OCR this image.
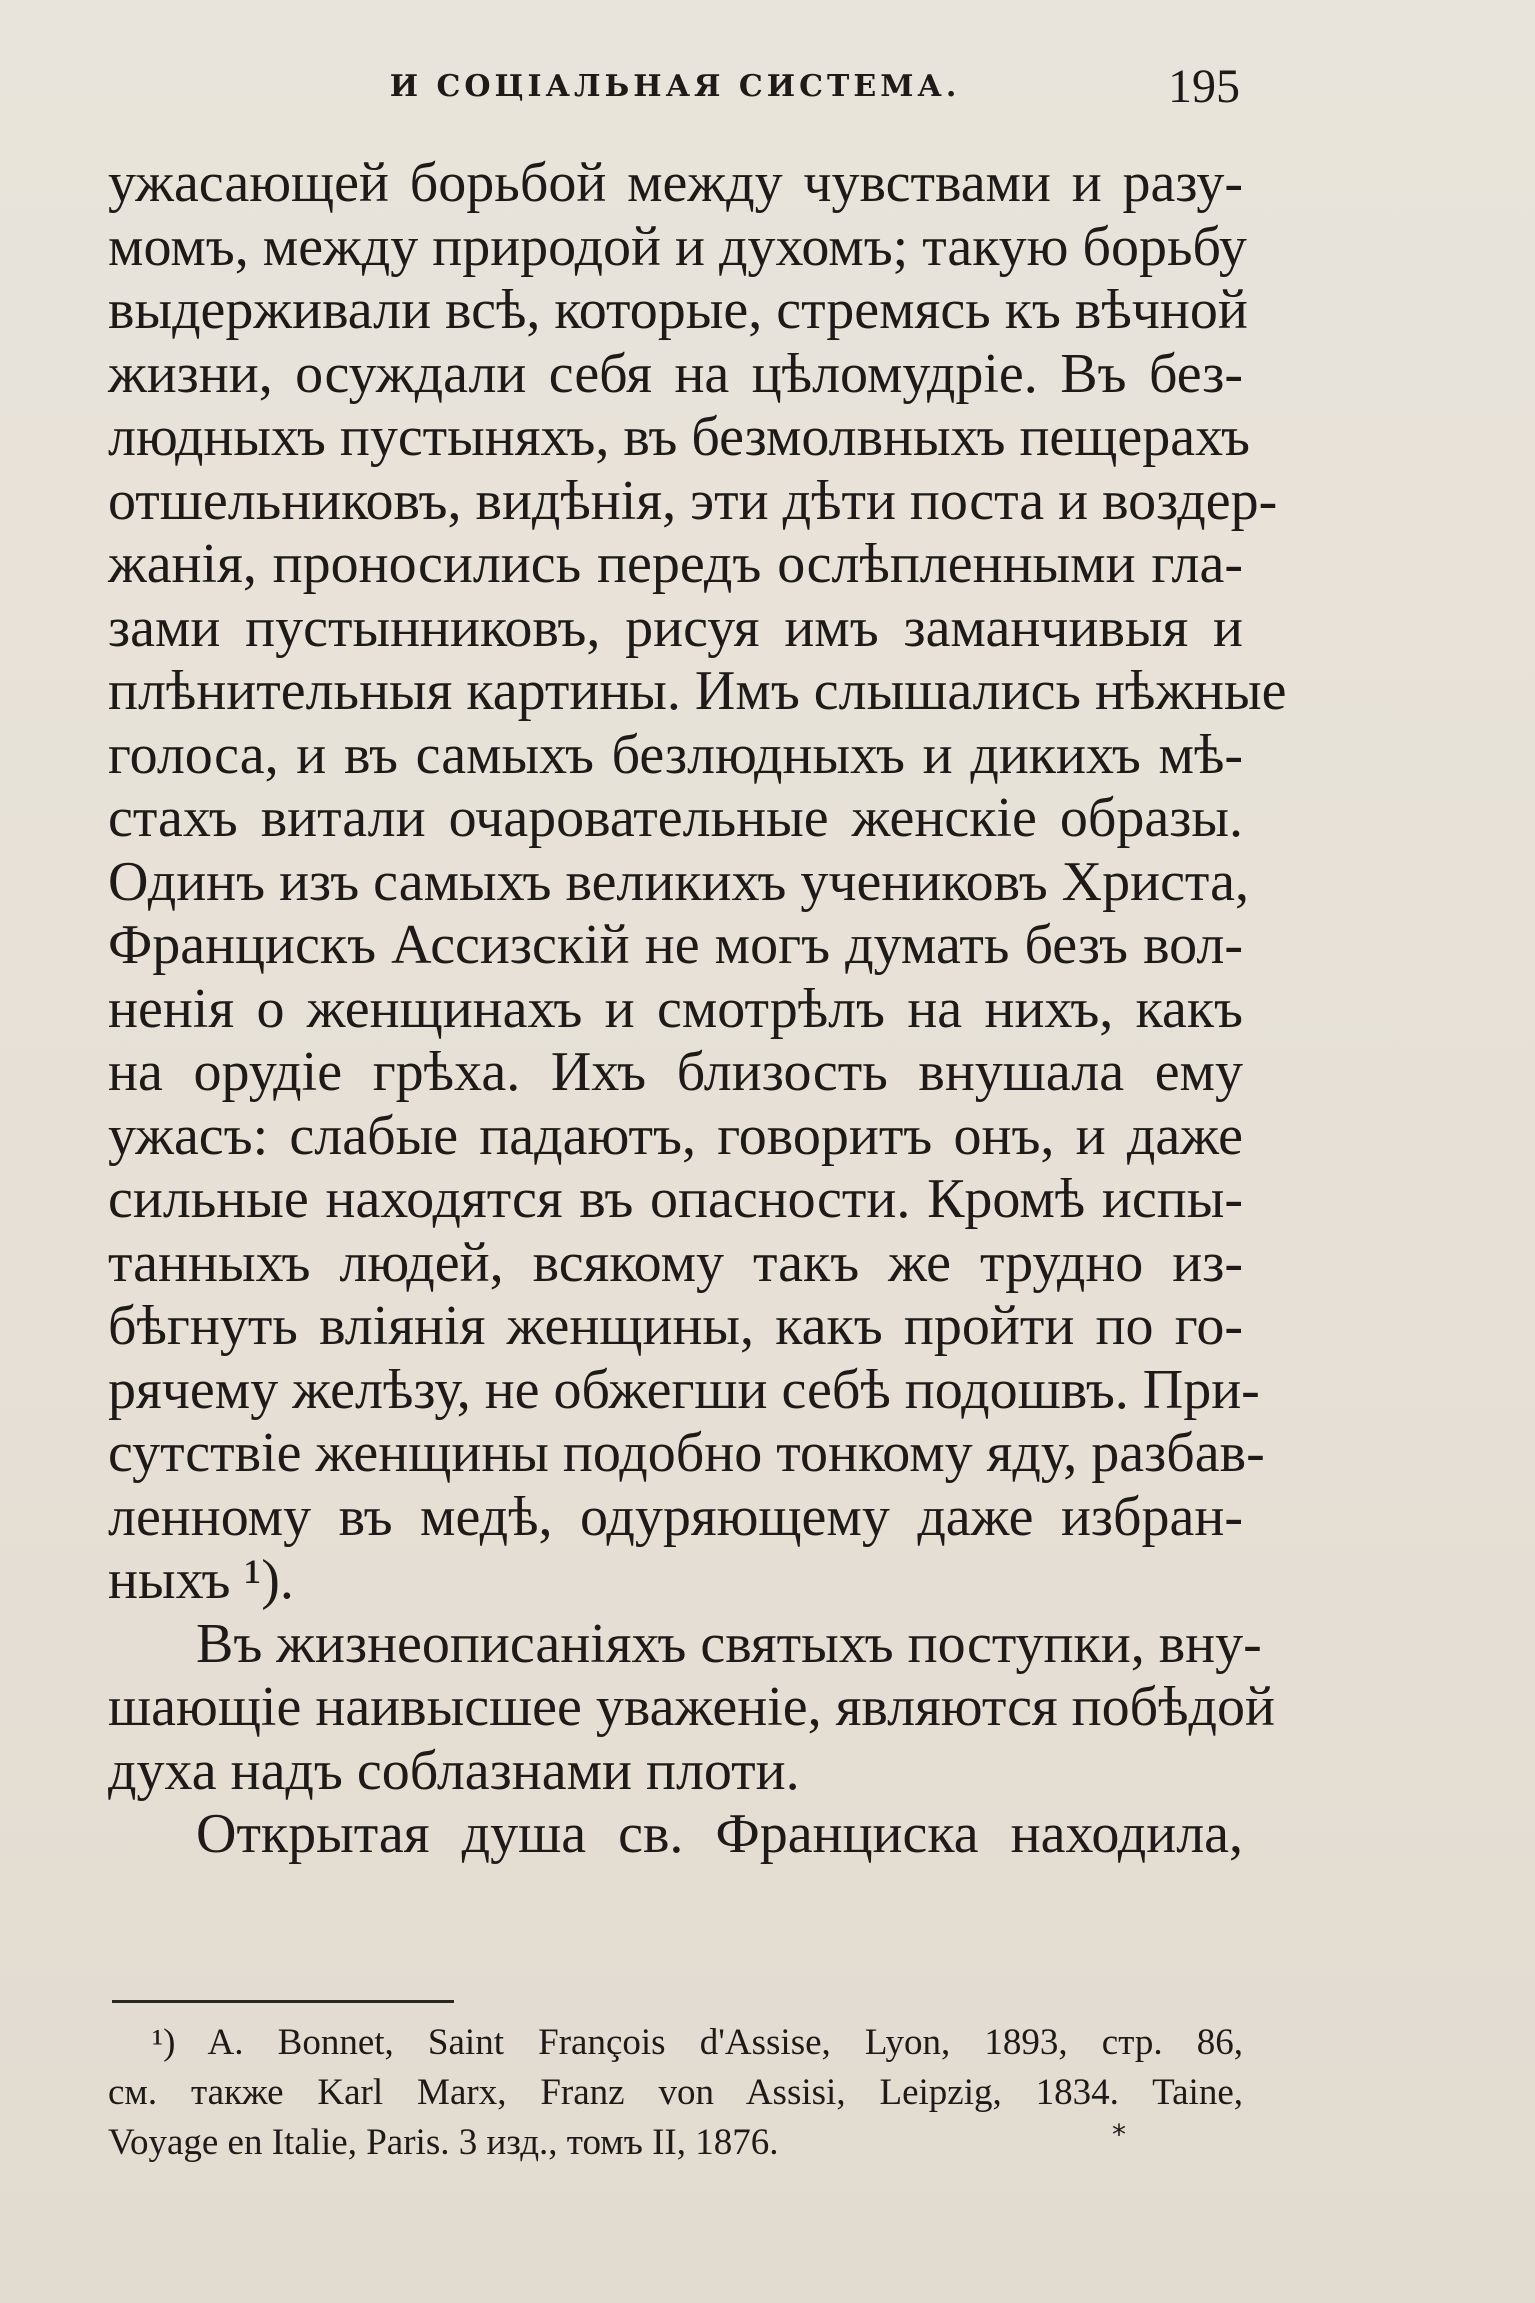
И СОЦІАЛЬНАЯ СИСТЕМА.	195
ужасающей борьбой между чувствами и разу-
момъ, между природой и духомъ; такую борьбу
выдерживали всѣ, которые, стремясь къ вѣчной
жизни, осуждали себя на цѣломудріе. Въ без-
людныхъ пустыняхъ, въ безмолвныхъ пещерахъ
отшельниковъ, видѣнія, эти дѣти поста и воздер-
жанія, проносились передъ ослѣпленными гла-
зами пустынниковъ, рисуя имъ заманчивыя и
плѣнительныя картины. Имъ слышались нѣжные
голоса, и въ самыхъ безлюдныхъ и дикихъ мѣ-
стахъ витали очаровательные женскіе образы.
Одинъ изъ самыхъ великихъ учениковъ Христа,
Францискъ Ассизскій не могъ думать безъ вол-
ненія о женщинахъ и смотрѣлъ на нихъ, какъ
на орудіе грѣха. Ихъ близость внушала ему
ужасъ: слабые падаютъ, говоритъ онъ, и даже
сильные находятся въ опасности. Кромѣ испы-
танныхъ людей, всякому такъ же трудно из-
бѣгнуть вліянія женщины, какъ пройти по го-
рячему желѣзу, не обжегши себѣ подошвъ. При-
сутствіе женщины подобно тонкому яду, разбав-
ленному въ медѣ, одуряющему даже избран-
ныхъ ¹).
Въ жизнеописаніяхъ святыхъ поступки, вну-
шающіе наивысшее уваженіе, являются побѣдой
духа надъ соблазнами плоти.
Открытая душа св. Франциска находила,
¹) A. Bonnet, Saint François d'Assise, Lyon, 1893, стр. 86,
см. также Karl Marx, Franz von Assisi, Leipzig, 1834. Taine,
Voyage en Italie, Paris. 3 изд., томъ II, 1876.	*
